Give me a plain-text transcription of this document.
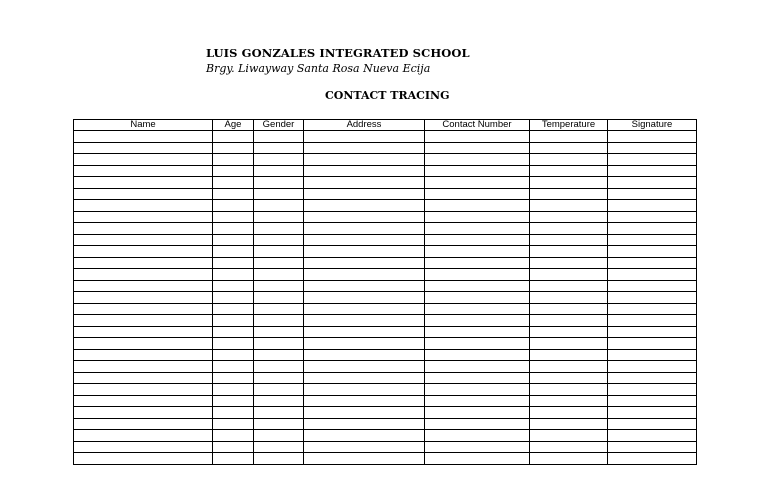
LUIS GONZALES INTEGRATED SCHOOL
Brgy. Liwayway Santa Rosa Nueva Ecija
CONTACT TRACING
Name	Age	Gender	Address	Contact Number	Temperature	Signature
